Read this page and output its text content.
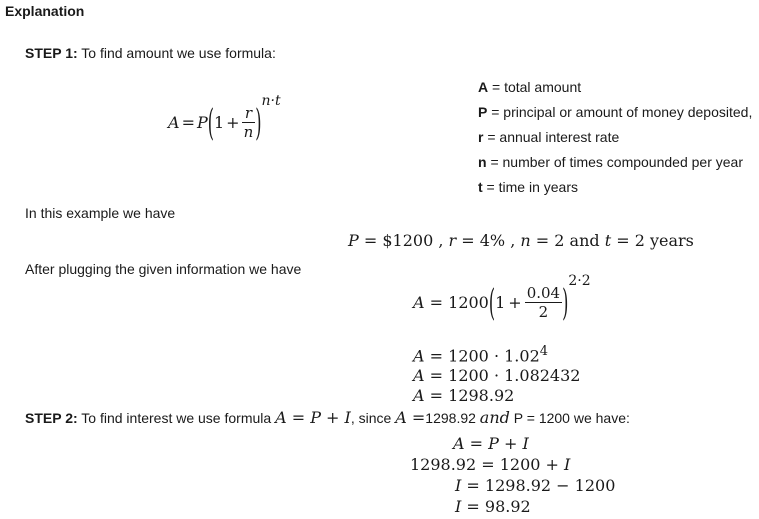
Explanation
STEP 1: To find amount we use formula:
$A = P(1 + \frac{r}{n} )n\cdot t$
A = total amount
P = principal or amount of money deposited,
r = annual interest rate
n = number of times compounded per year
t = time in years
In this example we have
P = $1200 , r = 4% , n = 2 and t = 2 years
After plugging the given information we have
$A = 1200(1 + \frac{0.04}{2} )2\cdot 2$
$A = 1200 \cdot 1.02^4$
A = 1200 · 1.082432
A = 1298.92
STEP 2: To find interest we use formula A = P + I, since A =1298.92 and P = 1200 we have:
A = P + I
1298.92 = 1200 + I
I = 1298.92 − 1200
I = 98.92
